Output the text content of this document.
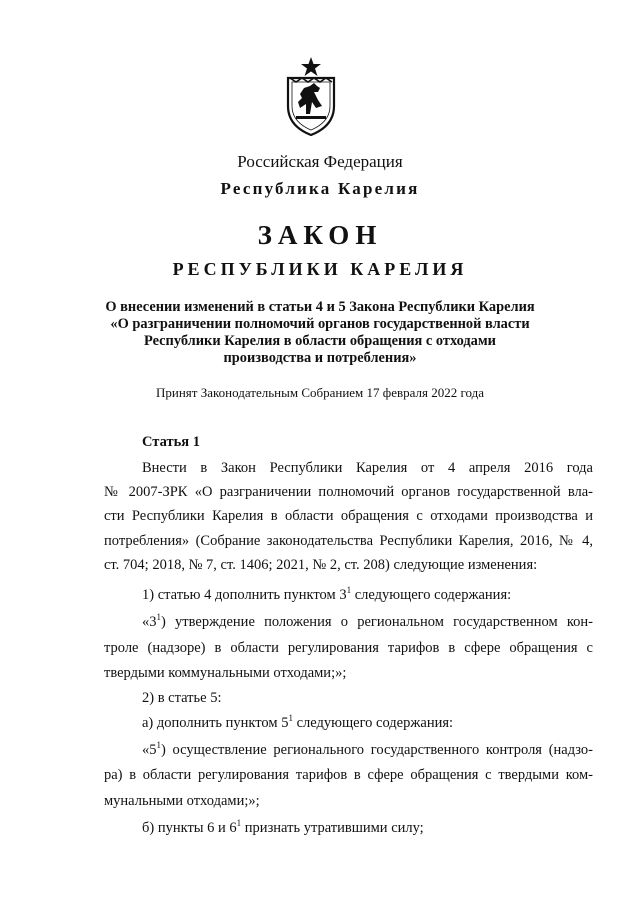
Российская Федерация
Республика Карелия
ЗАКОН
РЕСПУБЛИКИ КАРЕЛИЯ
О внесении изменений в статьи 4 и 5 Закона Республики Карелия
«О разграничении полномочий органов государственной власти
Республики Карелия в области обращения с отходами
производства и потребления»
Принят Законодательным Собранием 17 февраля 2022 года
Статья 1
Внести в Закон Республики Карелия от 4 апреля 2016 года
№ 2007-ЗРК «О разграничении полномочий органов государственной вла-
сти Республики Карелия в области обращения с отходами производства и
потребления» (Собрание законодательства Республики Карелия, 2016, № 4,
ст. 704; 2018, № 7, ст. 1406; 2021, № 2, ст. 208) следующие изменения:
1) статью 4 дополнить пунктом $3^1$ следующего содержания:
«$3^1$) утверждение положения о региональном государственном кон-
троле (надзоре) в области регулирования тарифов в сфере обращения с
твердыми коммунальными отходами;»;
2) в статье 5:
а) дополнить пунктом $5^1$ следующего содержания:
«$5^1$) осуществление регионального государственного контроля (надзо-
ра) в области регулирования тарифов в сфере обращения с твердыми ком-
мунальными отходами;»;
б) пункты 6 и $6^1$ признать утратившими силу;
